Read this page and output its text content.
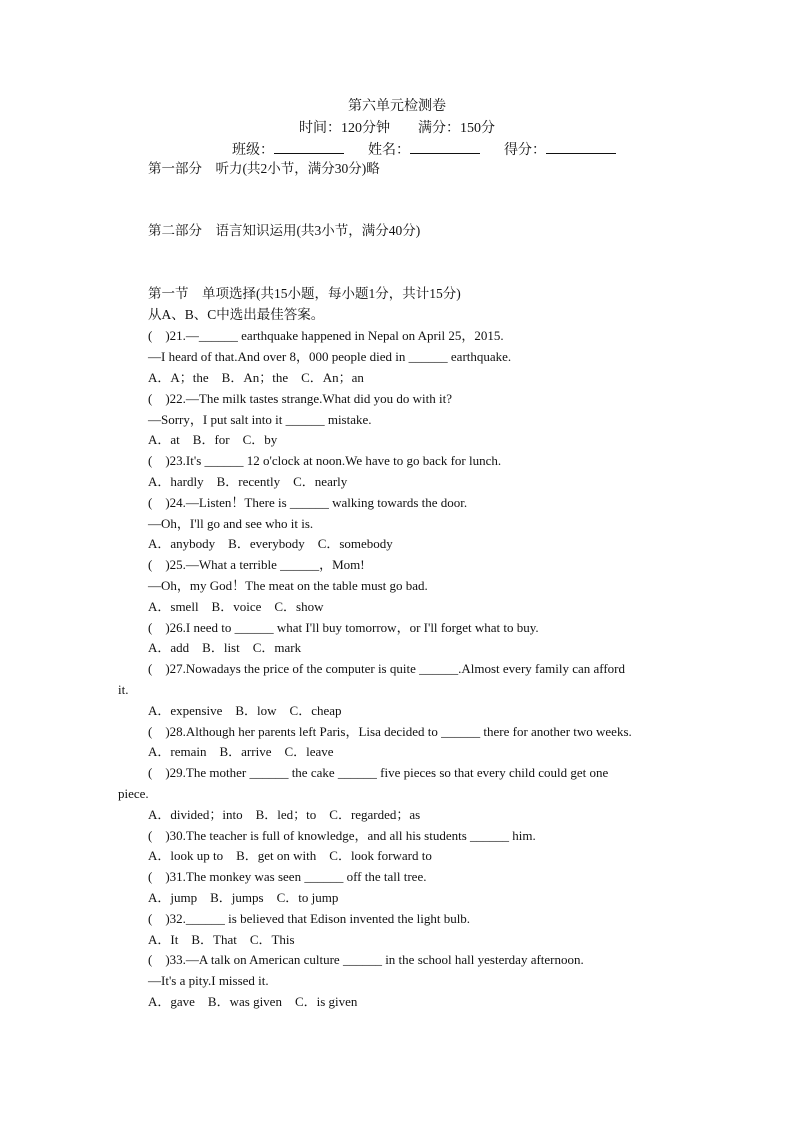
第六单元检测卷
时间：120分钟 满分：150分
班级：	姓名：	得分：
第一部分　听力(共2小节，满分30分)略
第二部分　语言知识运用(共3小节，满分40分)
第一节　单项选择(共15小题，每小题1分，共计15分)
从A、B、C中选出最佳答案。
(　)21.—______ earthquake happened in Nepal on April 25，2015.
—I heard of that.And over 8，000 people died in ______ earthquake.
A．A；the　B．An；the　C．An；an
(　)22.—The milk tastes strange.What did you do with it?
—Sorry，I put salt into it ______ mistake.
A．at　B．for　C．by
(　)23.It's ______ 12 o'clock at noon.We have to go back for lunch.
A．hardly　B．recently　C．nearly
(　)24.—Listen！There is ______ walking towards the door.
—Oh，I'll go and see who it is.
A．anybody　B．everybody　C．somebody
(　)25.—What a terrible ______，Mom!
—Oh，my God！The meat on the table must go bad.
A．smell　B．voice　C．show
(　)26.I need to ______ what I'll buy tomorrow，or I'll forget what to buy.
A．add　B．list　C．mark
(　)27.Nowadays the price of the computer is quite ______.Almost every family can afford
it.
A．expensive　B．low　C．cheap
(　)28.Although her parents left Paris，Lisa decided to ______ there for another two weeks.
A．remain　B．arrive　C．leave
(　)29.The mother ______ the cake ______ five pieces so that every child could get one
piece.
A．divided；into　B．led；to　C．regarded；as
(　)30.The teacher is full of knowledge，and all his students ______ him.
A．look up to　B．get on with　C．look forward to
(　)31.The monkey was seen ______ off the tall tree.
A．jump　B．jumps　C．to jump
(　)32.______ is believed that Edison invented the light bulb.
A．It　B．That　C．This
(　)33.—A talk on American culture ______ in the school hall yesterday afternoon.
—It's a pity.I missed it.
A．gave　B．was given　C．is given
